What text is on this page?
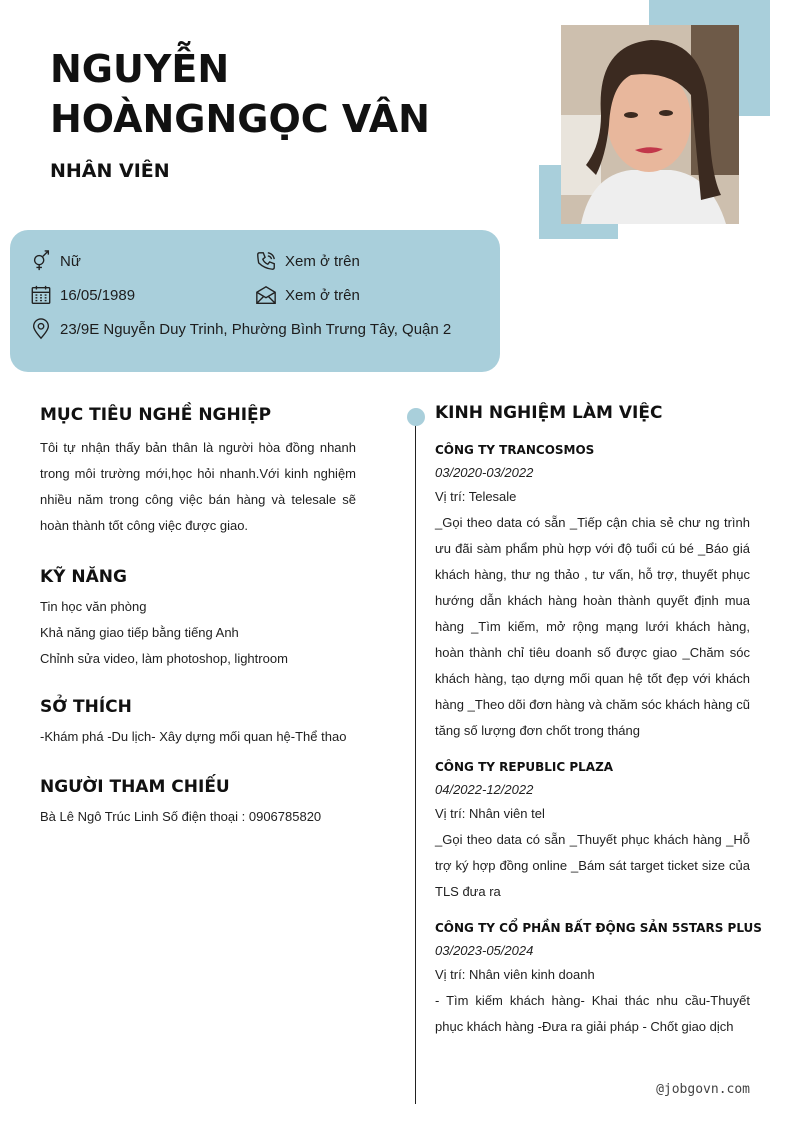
NGUYỄN
HOÀNGNGỌC VÂN
NHÂN VIÊN
Nữ	Xem ở trên
16/05/1989	Xem ở trên
23/9E Nguyễn Duy Trinh, Phường Bình Trưng Tây, Quận 2
MỤC TIÊU NGHỀ NGHIỆP

Tôi tự nhận thấy bản thân là người hòa đồng nhanh trong môi trường mới,học hỏi nhanh.Với kinh nghiệm nhiều năm trong công việc bán hàng và telesale sẽ hoàn thành tốt công việc được giao.

KỸ NĂNG
Tin học văn phòng
Khả năng giao tiếp bằng tiếng Anh
Chỉnh sửa video, làm photoshop, lightroom
SỞ THÍCH
-Khám phá -Du lịch- Xây dựng mối quan hệ-Thể thao
NGƯỜI THAM CHIẾU
Bà Lê Ngô Trúc Linh Số điện thoại : 0906785820
KINH NGHIỆM LÀM VIỆC
CÔNG TY TRANCOSMOS
03/2020-03/2022
Vị trí: Telesale

_Gọi theo data có sẵn _Tiếp cận chia sẻ chư ng trình ưu đãi sàm phẩm phù hợp với độ tuổi cú bé _Báo giá khách hàng, thư ng thảo , tư vấn, hỗ trợ, thuyết phục hướng dẫn khách hàng hoàn thành quyết định mua hàng _Tìm kiếm, mở rộng mạng lưới khách hàng, hoàn thành chỉ tiêu doanh số được giao _Chăm sóc khách hàng, tạo dựng mối quan hệ tốt đẹp với khách hàng _Theo dõi đơn hàng và chăm sóc khách hàng cũ tăng số lượng đơn chốt trong tháng

CÔNG TY REPUBLIC PLAZA
04/2022-12/2022
Vị trí: Nhân viên tel

_Gọi theo data có sẵn _Thuyết phục khách hàng _Hỗ trợ ký hợp đồng online _Bám sát target ticket size của TLS đưa ra

CÔNG TY CỔ PHẦN BẤT ĐỘNG SẢN 5STARS PLUS
03/2023-05/2024
Vị trí: Nhân viên kinh doanh

- Tìm kiếm khách hàng- Khai thác nhu cầu-Thuyết phục khách hàng -Đưa ra giải pháp - Chốt giao dịch

@jobgovn.com
